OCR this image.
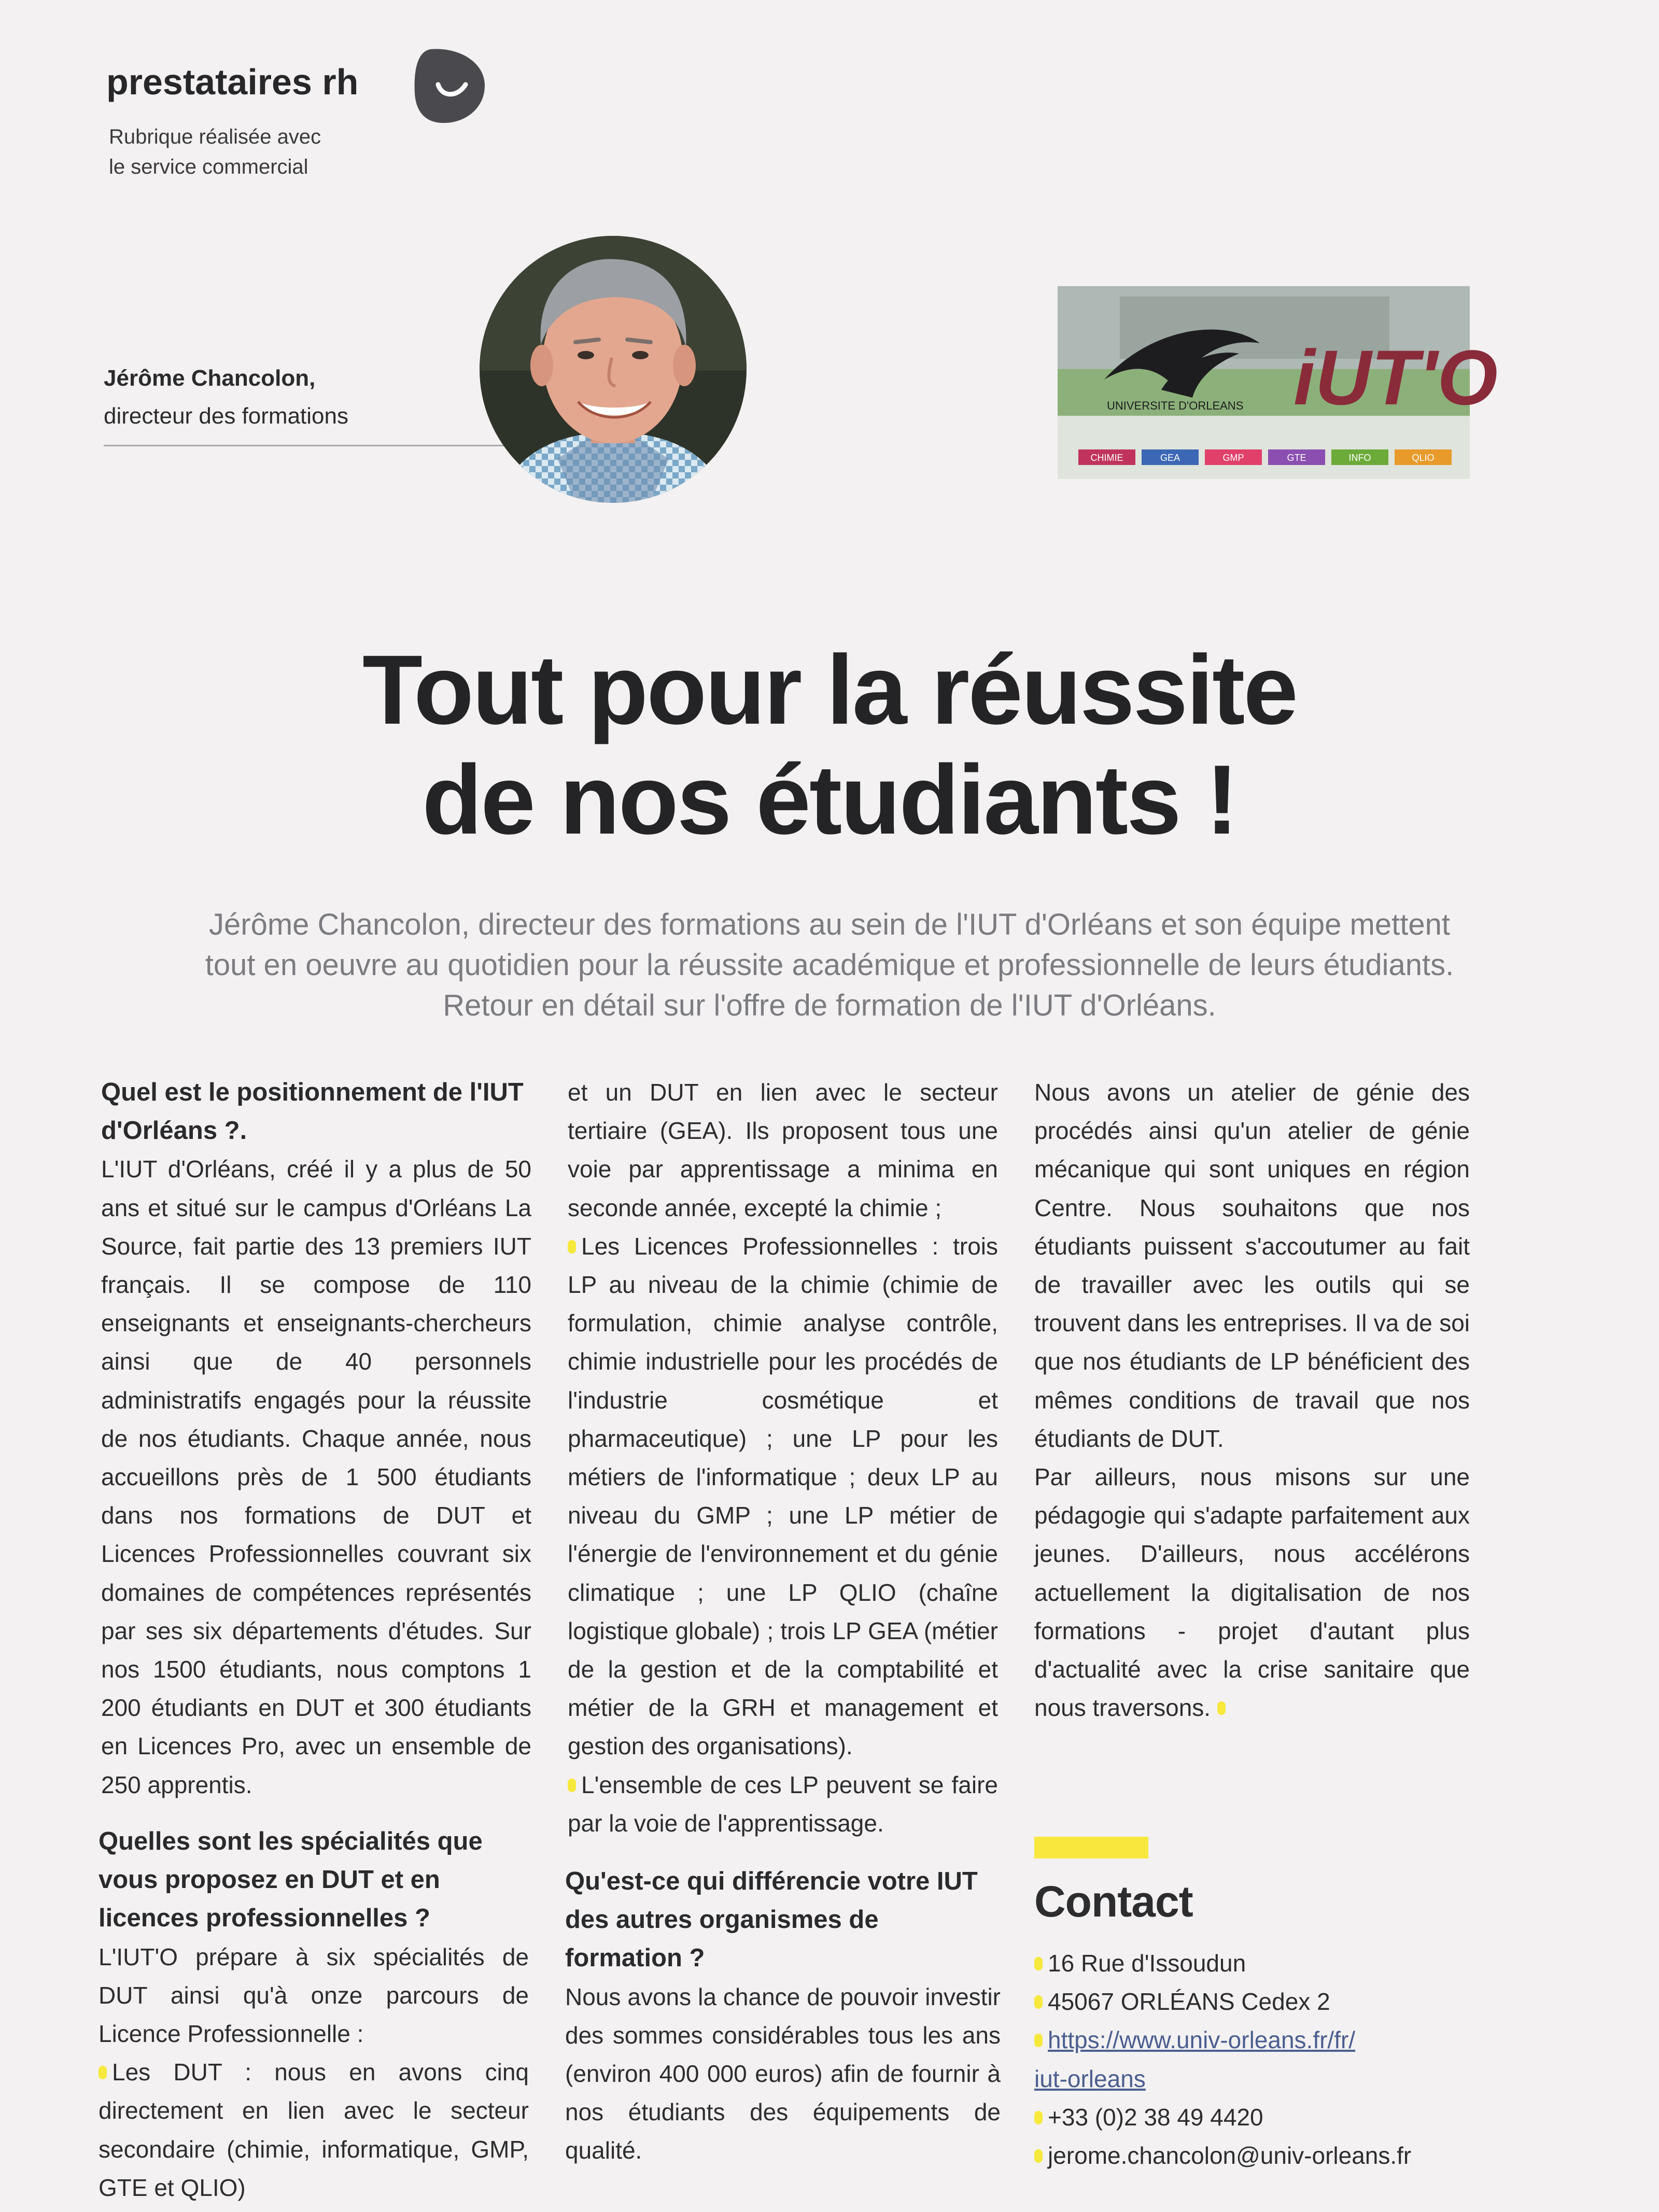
prestataires rh
Rubrique réalisée avec
le service commercial
Jérôme Chancolon,
directeur des formations	UNIVERSITE D'ORLEANS iUT'O
CHIMIE	GEA	GMP	GTE	INFO	QLIO
Tout pour la réussite
de nos étudiants !
Jérôme Chancolon, directeur des formations au sein de l'IUT d'Orléans et son équipe mettent
tout en oeuvre au quotidien pour la réussite académique et professionnelle de leurs étudiants.
Retour en détail sur l'offre de formation de l'IUT d'Orléans.
Quel est le positionnement de l'IUT d'Orléans ?.

L'IUT d'Orléans, créé il y a plus de 50 ans et situé sur le campus d'Orléans La Source, fait partie des 13 premiers IUT français. Il se compose de 110 enseignants et enseignants-chercheurs ainsi que de 40 personnels administratifs engagés pour la réussite de nos étudiants. Chaque année, nous accueillons près de 1 500 étudiants dans nos formations de DUT et Licences Professionnelles couvrant six domaines de compétences représentés par ses six départements d'études. Sur nos 1500 étudiants, nous comptons 1 200 étudiants en DUT et 300 étudiants en Licences Pro, avec un ensemble de 250 apprentis.

Quelles sont les spécialités que vous proposez en DUT et en licences professionnelles ?

L'IUT'O prépare à six spécialités de DUT ainsi qu'à onze parcours de Licence Professionnelle :

Les DUT : nous en avons cinq directement en lien avec le secteur secondaire (chimie, informatique, GMP, GTE et QLIO)

et un DUT en lien avec le secteur tertiaire (GEA). Ils proposent tous une voie par apprentissage a minima en seconde année, excepté la chimie ;

Les Licences Professionnelles : trois LP au niveau de la chimie (chimie de formulation, chimie analyse contrôle, chimie industrielle pour les procédés de l'industrie cosmétique et pharmaceutique) ; une LP pour les métiers de l'informatique ; deux LP au niveau du GMP ; une LP métier de l'énergie de l'environnement et du génie climatique ; une LP QLIO (chaîne logistique globale) ; trois LP GEA (métier de la gestion et de la comptabilité et métier de la GRH et management et gestion des organisations).

L'ensemble de ces LP peuvent se faire par la voie de l'apprentissage.

Qu'est-ce qui différencie votre IUT des autres organismes de formation ?

Nous avons la chance de pouvoir investir des sommes considérables tous les ans (environ 400 000 euros) afin de fournir à nos étudiants des équipements de qualité.

Nous avons un atelier de génie des procédés ainsi qu'un atelier de génie mécanique qui sont uniques en région Centre. Nous souhaitons que nos étudiants puissent s'accoutumer au fait de travailler avec les outils qui se trouvent dans les entreprises. Il va de soi que nos étudiants de LP bénéficient des mêmes conditions de travail que nos étudiants de DUT.

Par ailleurs, nous misons sur une pédagogie qui s'adapte parfaitement aux jeunes. D'ailleurs, nous accélérons actuellement la digitalisation de nos formations - projet d'autant plus d'actualité avec la crise sanitaire que nous traversons.

Contact
16 Rue d'Issoudun
45067 ORLÉANS Cedex 2
https://www.univ-orleans.fr/fr/
iut-orleans
+33 (0)2 38 49 4420
jerome.chancolon@univ-orleans.fr
